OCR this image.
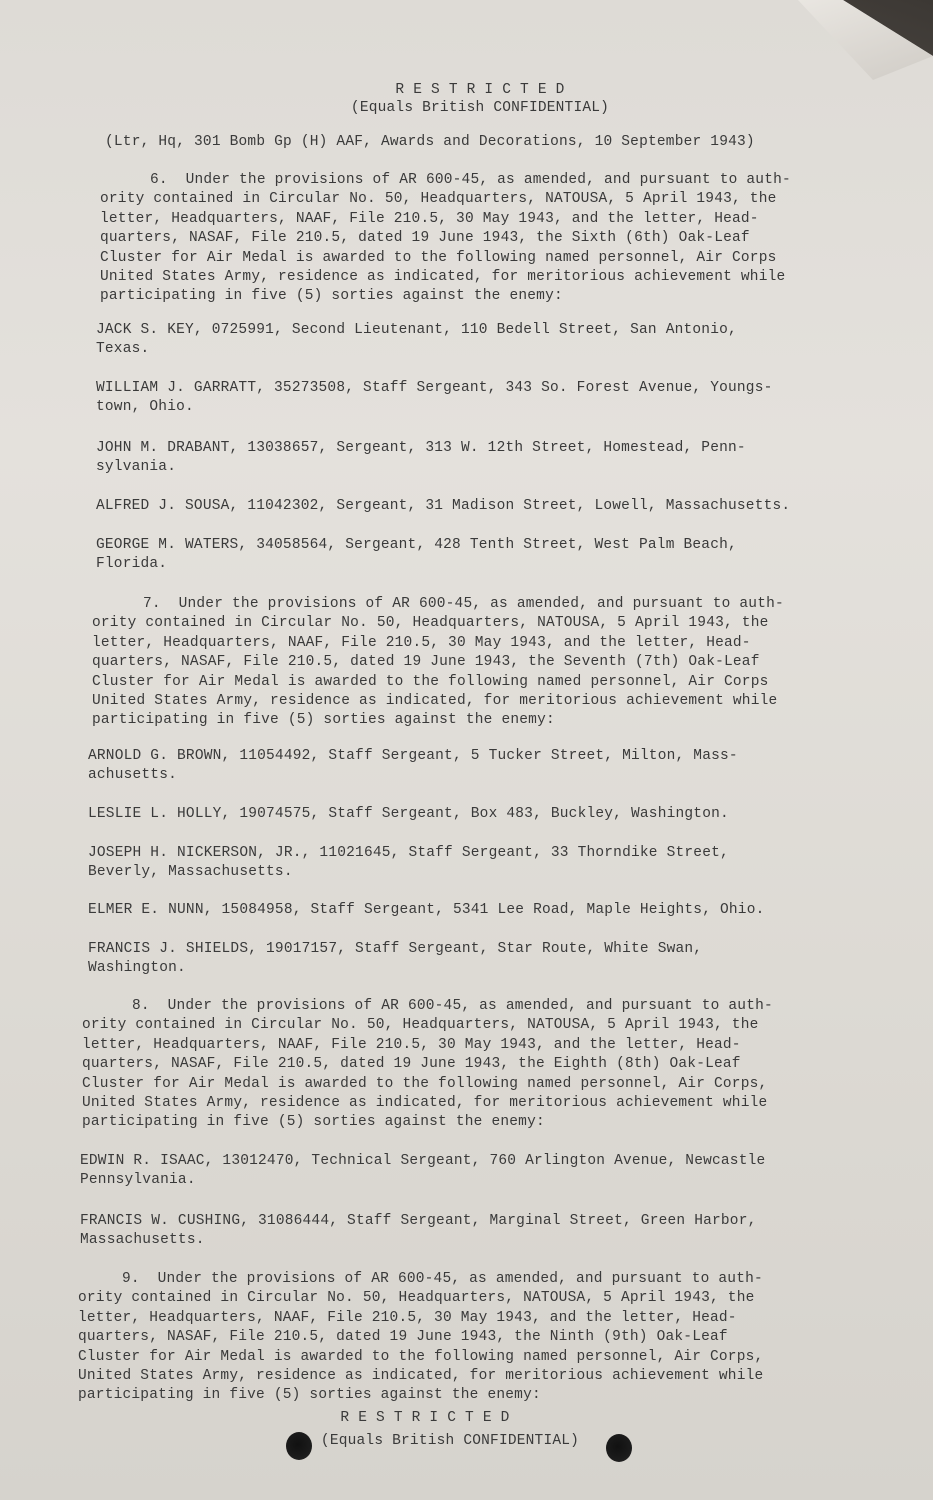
R E S T R I C T E D
(Equals British CONFIDENTIAL)
(Ltr, Hq, 301 Bomb Gp (H) AAF, Awards and Decorations, 10 September 1943)
6.  Under the provisions of AR 600-45, as amended, and pursuant to auth-
ority contained in Circular No. 50, Headquarters, NATOUSA, 5 April 1943, the
letter, Headquarters, NAAF, File 210.5, 30 May 1943, and the letter, Head-
quarters, NASAF, File 210.5, dated 19 June 1943, the Sixth (6th) Oak-Leaf
Cluster for Air Medal is awarded to the following named personnel, Air Corps
United States Army, residence as indicated, for meritorious achievement while
participating in five (5) sorties against the enemy:
JACK S. KEY, 0725991, Second Lieutenant, 110 Bedell Street, San Antonio,
Texas.
WILLIAM J. GARRATT, 35273508, Staff Sergeant, 343 So. Forest Avenue, Youngs-
town, Ohio.
JOHN M. DRABANT, 13038657, Sergeant, 313 W. 12th Street, Homestead, Penn-
sylvania.
ALFRED J. SOUSA, 11042302, Sergeant, 31 Madison Street, Lowell, Massachusetts.
GEORGE M. WATERS, 34058564, Sergeant, 428 Tenth Street, West Palm Beach,
Florida.
7.  Under the provisions of AR 600-45, as amended, and pursuant to auth-
ority contained in Circular No. 50, Headquarters, NATOUSA, 5 April 1943, the
letter, Headquarters, NAAF, File 210.5, 30 May 1943, and the letter, Head-
quarters, NASAF, File 210.5, dated 19 June 1943, the Seventh (7th) Oak-Leaf
Cluster for Air Medal is awarded to the following named personnel, Air Corps
United States Army, residence as indicated, for meritorious achievement while
participating in five (5) sorties against the enemy:
ARNOLD G. BROWN, 11054492, Staff Sergeant, 5 Tucker Street, Milton, Mass-
achusetts.
LESLIE L. HOLLY, 19074575, Staff Sergeant, Box 483, Buckley, Washington.
JOSEPH H. NICKERSON, JR., 11021645, Staff Sergeant, 33 Thorndike Street,
Beverly, Massachusetts.
ELMER E. NUNN, 15084958, Staff Sergeant, 5341 Lee Road, Maple Heights, Ohio.
FRANCIS J. SHIELDS, 19017157, Staff Sergeant, Star Route, White Swan,
Washington.
8.  Under the provisions of AR 600-45, as amended, and pursuant to auth-
ority contained in Circular No. 50, Headquarters, NATOUSA, 5 April 1943, the
letter, Headquarters, NAAF, File 210.5, 30 May 1943, and the letter, Head-
quarters, NASAF, File 210.5, dated 19 June 1943, the Eighth (8th) Oak-Leaf
Cluster for Air Medal is awarded to the following named personnel, Air Corps,
United States Army, residence as indicated, for meritorious achievement while
participating in five (5) sorties against the enemy:
EDWIN R. ISAAC, 13012470, Technical Sergeant, 760 Arlington Avenue, Newcastle
Pennsylvania.
FRANCIS W. CUSHING, 31086444, Staff Sergeant, Marginal Street, Green Harbor,
Massachusetts.
9.  Under the provisions of AR 600-45, as amended, and pursuant to auth-
ority contained in Circular No. 50, Headquarters, NATOUSA, 5 April 1943, the
letter, Headquarters, NAAF, File 210.5, 30 May 1943, and the letter, Head-
quarters, NASAF, File 210.5, dated 19 June 1943, the Ninth (9th) Oak-Leaf
Cluster for Air Medal is awarded to the following named personnel, Air Corps,
United States Army, residence as indicated, for meritorious achievement while
participating in five (5) sorties against the enemy:
R E S T R I C T E D
(Equals British CONFIDENTIAL)
